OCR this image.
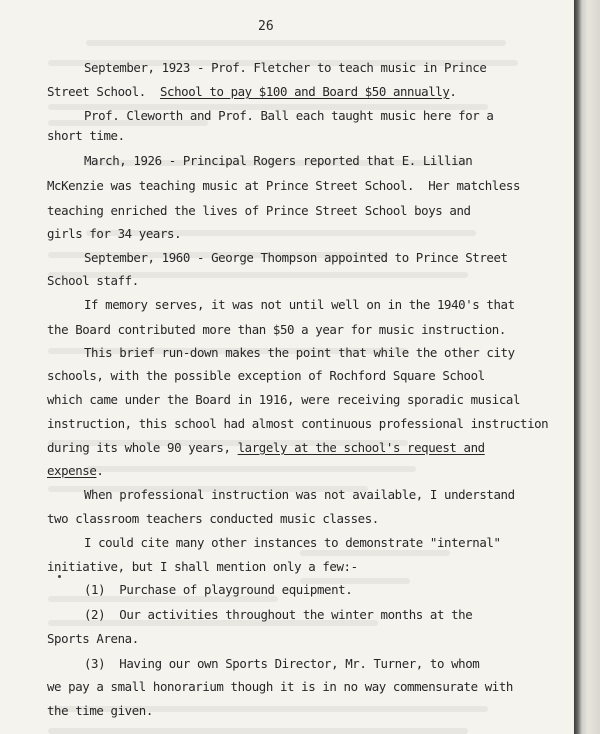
26
September, 1923 - Prof. Fletcher to teach music in Prince
Street School.  School to pay $100 and Board $50 annually.
Prof. Cleworth and Prof. Ball each taught music here for a
short time.
March, 1926 - Principal Rogers reported that E. Lillian
McKenzie was teaching music at Prince Street School.  Her matchless
teaching enriched the lives of Prince Street School boys and
girls for 34 years.
September, 1960 - George Thompson appointed to Prince Street
School staff.
If memory serves, it was not until well on in the 1940's that
the Board contributed more than $50 a year for music instruction.
This brief run-down makes the point that while the other city
schools, with the possible exception of Rochford Square School
which came under the Board in 1916, were receiving sporadic musical
instruction, this school had almost continuous professional instruction
during its whole 90 years, largely at the school's request and
expense.
When professional instruction was not available, I understand
two classroom teachers conducted music classes.
I could cite many other instances to demonstrate "internal"
initiative, but I shall mention only a few:-
(1)  Purchase of playground equipment.
(2)  Our activities throughout the winter months at the
Sports Arena.
(3)  Having our own Sports Director, Mr. Turner, to whom
we pay a small honorarium though it is in no way commensurate with
the time given.
